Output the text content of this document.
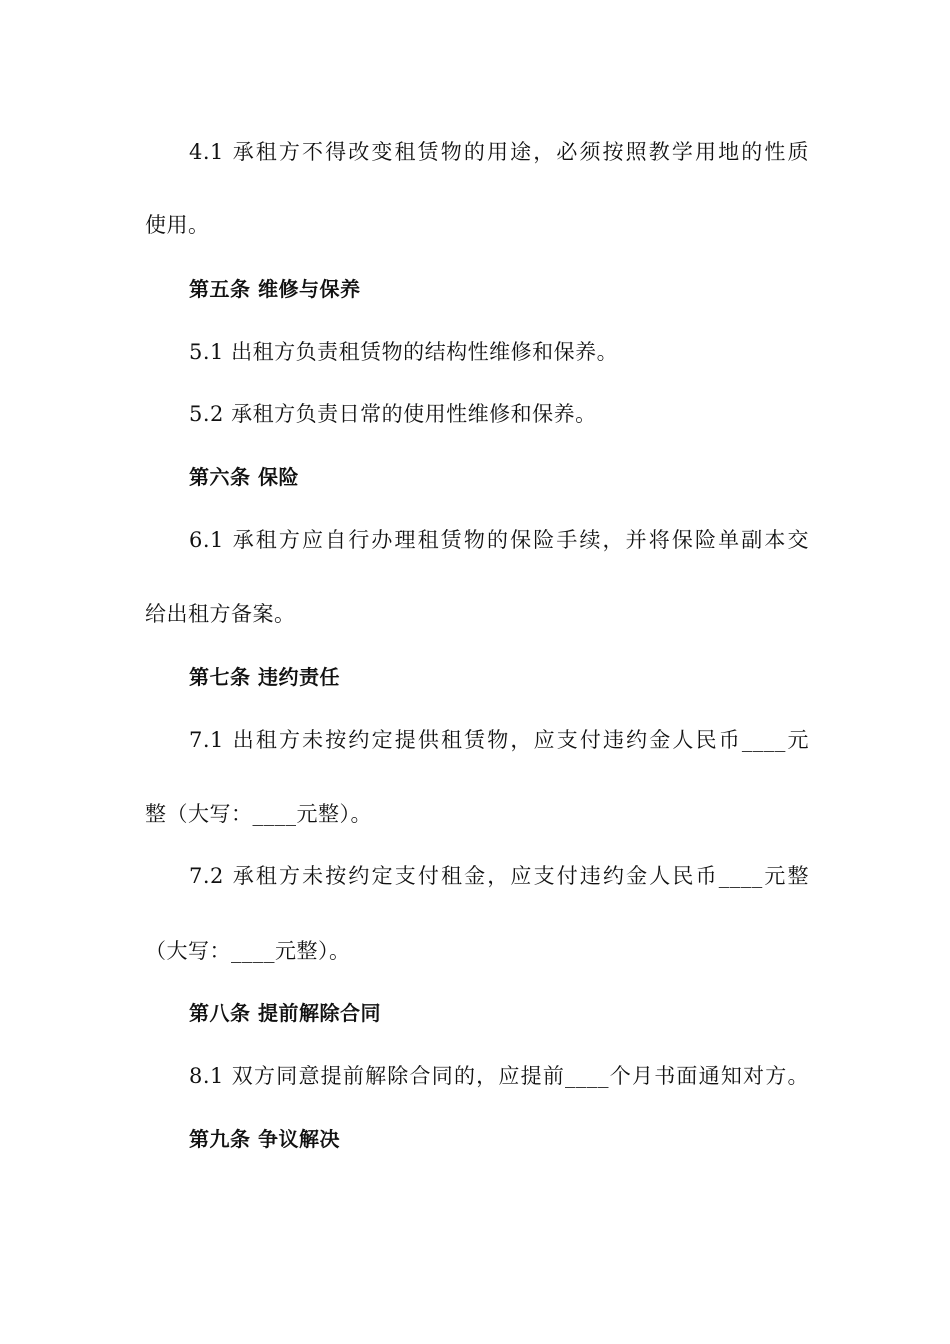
4.1 承租方不得改变租赁物的用途，必须按照教学用地的性质
使用。
第五条 维修与保养
5.1 出租方负责租赁物的结构性维修和保养。
5.2 承租方负责日常的使用性维修和保养。
第六条 保险
6.1 承租方应自行办理租赁物的保险手续，并将保险单副本交
给出租方备案。
第七条 违约责任
7.1 出租方未按约定提供租赁物，应支付违约金人民币____元
整（大写：____元整）。
7.2 承租方未按约定支付租金，应支付违约金人民币____元整
（大写：____元整）。
第八条 提前解除合同
8.1 双方同意提前解除合同的，应提前____个月书面通知对方。
第九条 争议解决
